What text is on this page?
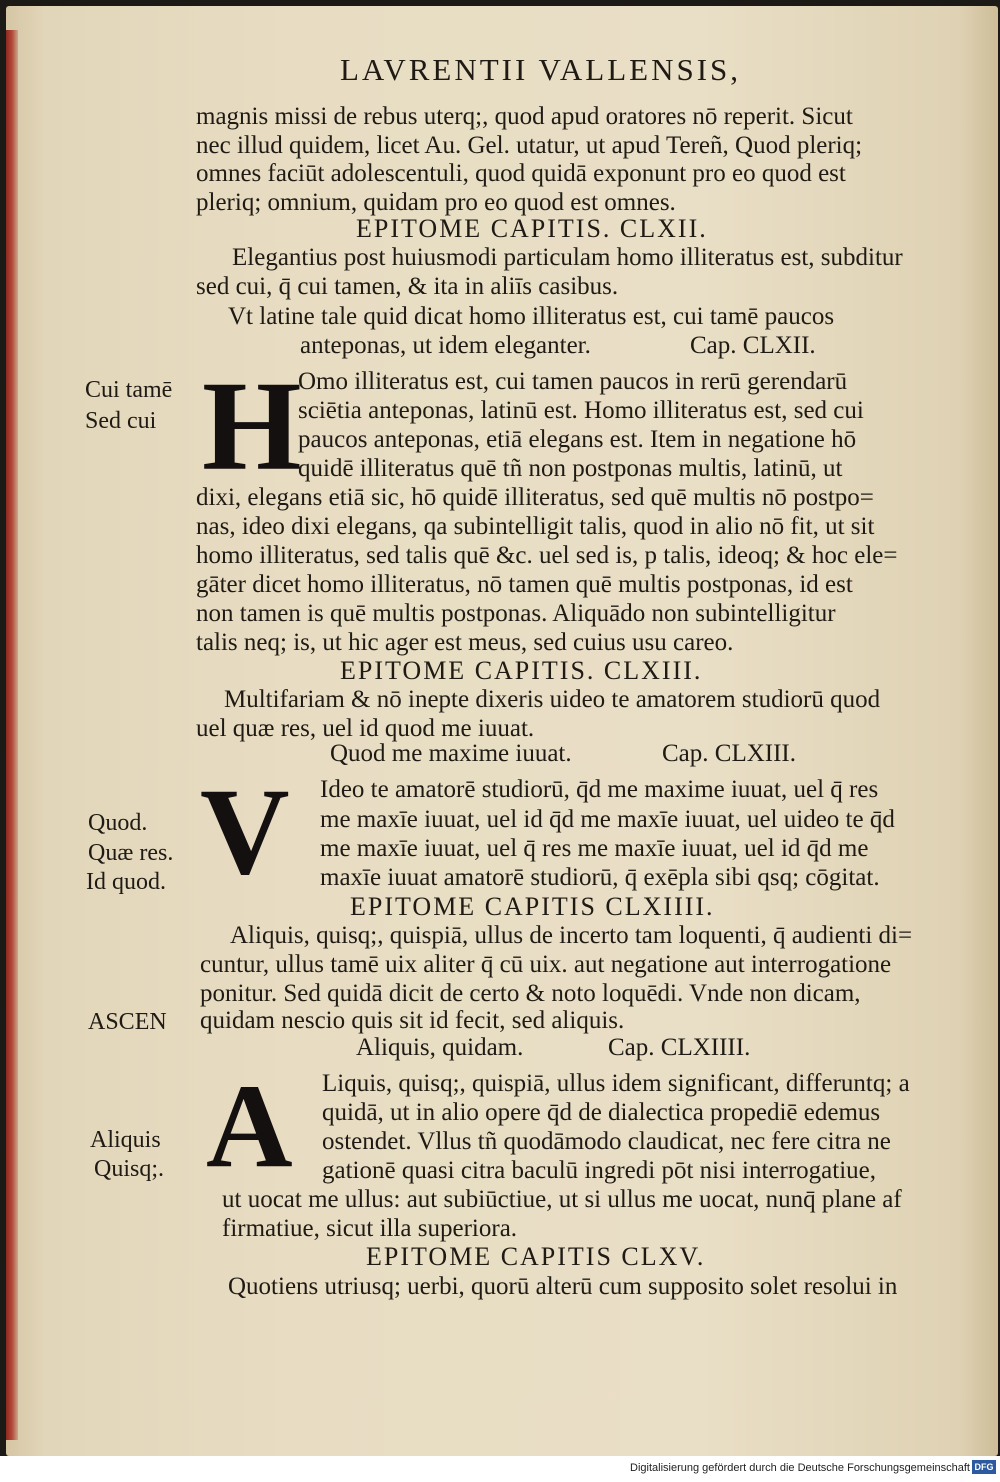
LAVRENTII VALLENSIS,
magnis missi de rebus uterq;, quod apud oratores nō reperit. Sicut
nec illud quidem, licet Au. Gel. utatur, ut apud Tereñ, Quod pleriq;
omnes faciūt adolescentuli, quod quidā exponunt pro eo quod est
pleriq; omnium, quidam pro eo quod est omnes.
EPITOME CAPITIS. CLXII.
Elegantius post huiusmodi particulam homo illiteratus est, subditur
sed cui, q̄ cui tamen, & ita in aliīs casibus.
Vt latine tale quid dicat homo illiteratus est, cui tamē paucos
anteponas, ut idem eleganter.	Cap. CLXII.
H
Cui tamē
Sed cui
Omo illiteratus est, cui tamen paucos in rerū gerendarū
sciētia anteponas, latinū est. Homo illiteratus est, sed cui
paucos anteponas, etiā elegans est. Item in negatione hō
quidē illiteratus quē tñ non postponas multis, latinū, ut
dixi, elegans etiā sic, hō quidē illiteratus, sed quē multis nō postpo=
nas, ideo dixi elegans, qa subintelligit talis, quod in alio nō fit, ut sit
homo illiteratus, sed talis quē &c. uel sed is, p talis, ideoq; & hoc ele=
gāter dicet homo illiteratus, nō tamen quē multis postponas, id est
non tamen is quē multis postponas. Aliquādo non subintelligitur
talis neq; is, ut hic ager est meus, sed cuius usu careo.
EPITOME CAPITIS. CLXIII.
Multifariam & nō inepte dixeris uideo te amatorem studiorū quod
uel quæ res, uel id quod me iuuat.
Quod me maxime iuuat.	Cap. CLXIII.
V
Quod.
Quæ res.
Id quod.
Ideo te amatorē studiorū, q̄d me maxime iuuat, uel q̄ res
me maxīe iuuat, uel id q̄d me maxīe iuuat, uel uideo te q̄d
me maxīe iuuat, uel q̄ res me maxīe iuuat, uel id q̄d me
maxīe iuuat amatorē studiorū, q̄ exēpla sibi qsq; cōgitat.
EPITOME CAPITIS CLXIIII.
Aliquis, quisq;, quispiā, ullus de incerto tam loquenti, q̄ audienti di=
cuntur, ullus tamē uix aliter q̄ cū uix. aut negatione aut interrogatione
ponitur. Sed quidā dicit de certo & noto loquēdi. Vnde non dicam,
ASCEN quidam nescio quis sit id fecit, sed aliquis.
Aliquis, quidam.	Cap. CLXIIII.
A
Aliquis
Quisq;.
Liquis, quisq;, quispiā, ullus idem significant, differuntq; a
quidā, ut in alio opere q̄d de dialectica propediē edemus
ostendet. Vllus tñ quodāmodo claudicat, nec fere citra ne
gationē quasi citra baculū ingredi pōt nisi interrogatiue,
ut uocat me ullus: aut subiūctiue, ut si ullus me uocat, nunq̄ plane af
firmatiue, sicut illa superiora.
EPITOME CAPITIS CLXV.
Quotiens utriusq; uerbi, quorū alterū cum supposito solet resolui in
Digitalisierung gefördert durch die Deutsche Forschungsgemeinschaft DFG
